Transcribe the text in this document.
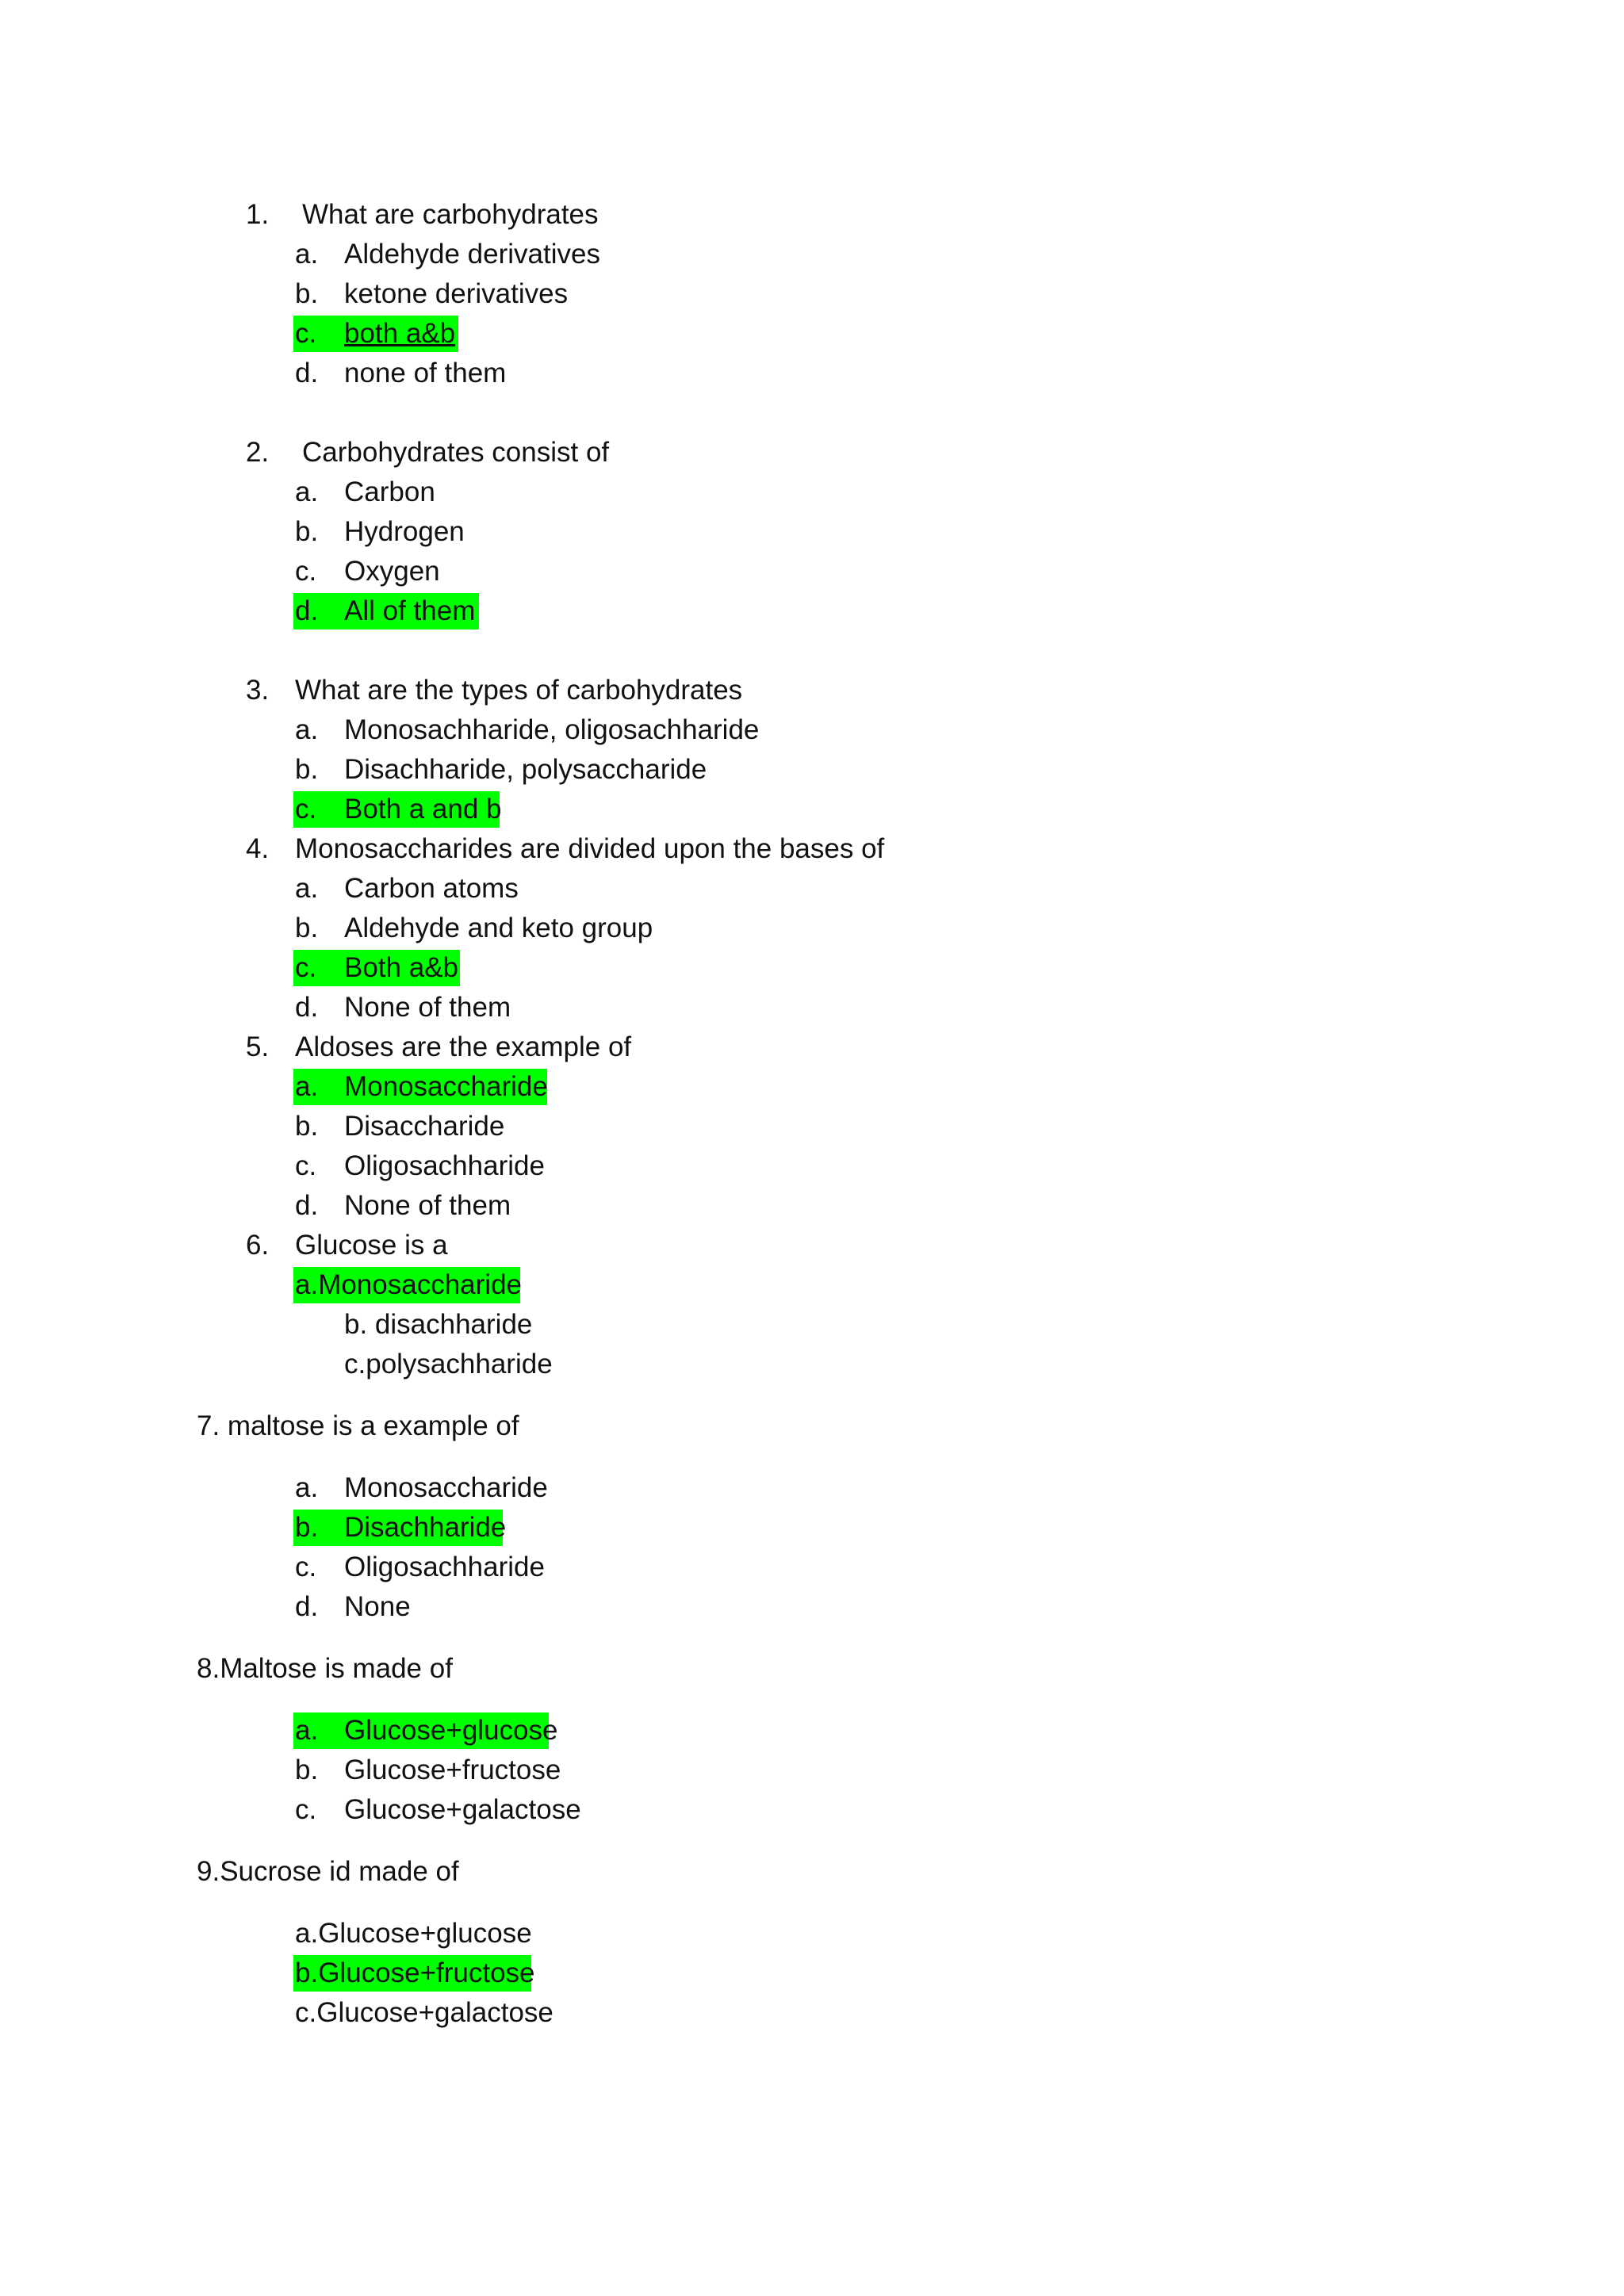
1. What are carbohydrates
a. Aldehyde derivatives
b. ketone derivatives
c. both a&b
d. none of them
2. Carbohydrates consist of
a. Carbon
b. Hydrogen
c. Oxygen
d. All of them
3. What are the types of carbohydrates
a. Monosachharide, oligosachharide
b. Disachharide, polysaccharide
c. Both a and b
4. Monosaccharides are divided upon the bases of
a. Carbon atoms
b. Aldehyde and keto group
c. Both a&b
d. None of them
5. Aldoses are the example of
a. Monosaccharide
b. Disaccharide
c. Oligosachharide
d. None of them
6. Glucose is a
a.Monosaccharide
b. disachharide
c.polysachharide
7. maltose is a example of
a. Monosaccharide
b. Disachharide
c. Oligosachharide
d. None
8.Maltose is made of
a. Glucose+glucose
b. Glucose+fructose
c. Glucose+galactose
9.Sucrose id made of
a.Glucose+glucose
b.Glucose+fructose
c.Glucose+galactose
